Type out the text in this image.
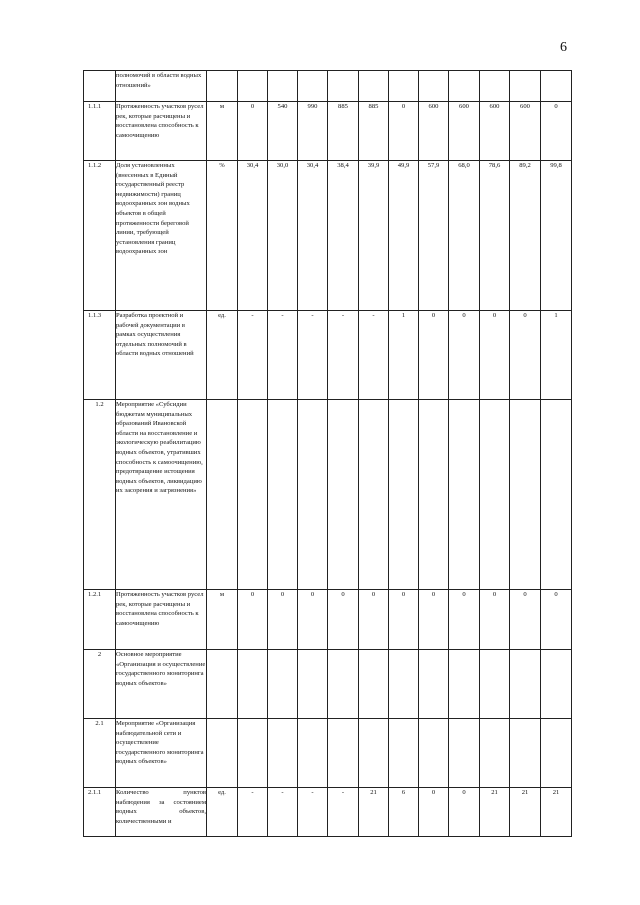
6
	полномочий в области водных отношений»												
1.1.1	Протяженность участков русел рек, которые расчищены и восстановлена способность к самоочищению	м	0	540	990	885	885	0	600	600	600	600	0
1.1.2	Доля установленных (внесенных в Единый государственный реестр недвижимости) границ водоохранных зон водных объектов в общей протяженности береговой линии, требующей установления границ водоохранных зон	%	30,4	30,0	30,4	38,4	39,9	49,9	57,9	68,0	78,6	89,2	99,8
1.1.3	Разработка проектной и рабочей документации в рамках осуществления отдельных полномочий в области водных отношений	ед.	-	-	-	-	-	1	0	0	0	0	1
1.2	Мероприятие «Субсидии бюджетам муниципальных образований Ивановской области на восстановление и экологическую реабилитацию водных объектов, утративших способность к самоочищению, предотвращение истощения водных объектов, ликвидацию их засорения и загрязнения»												
1.2.1	Протяженность участков русел рек, которые расчищены и восстановлена способность к самоочищению	м	0	0	0	0	0	0	0	0	0	0	0
2	Основное мероприятие «Организация и осуществление государственного мониторинга водных объектов»												
2.1	Мероприятие «Организация наблюдательной сети и осуществление государственного мониторинга водных объектов»												
2.1.1	Количество пунктов наблюдения за состоянием водных объектов, количественными и	ед.	-	-	-	-	21	6	0	0	21	21	21
